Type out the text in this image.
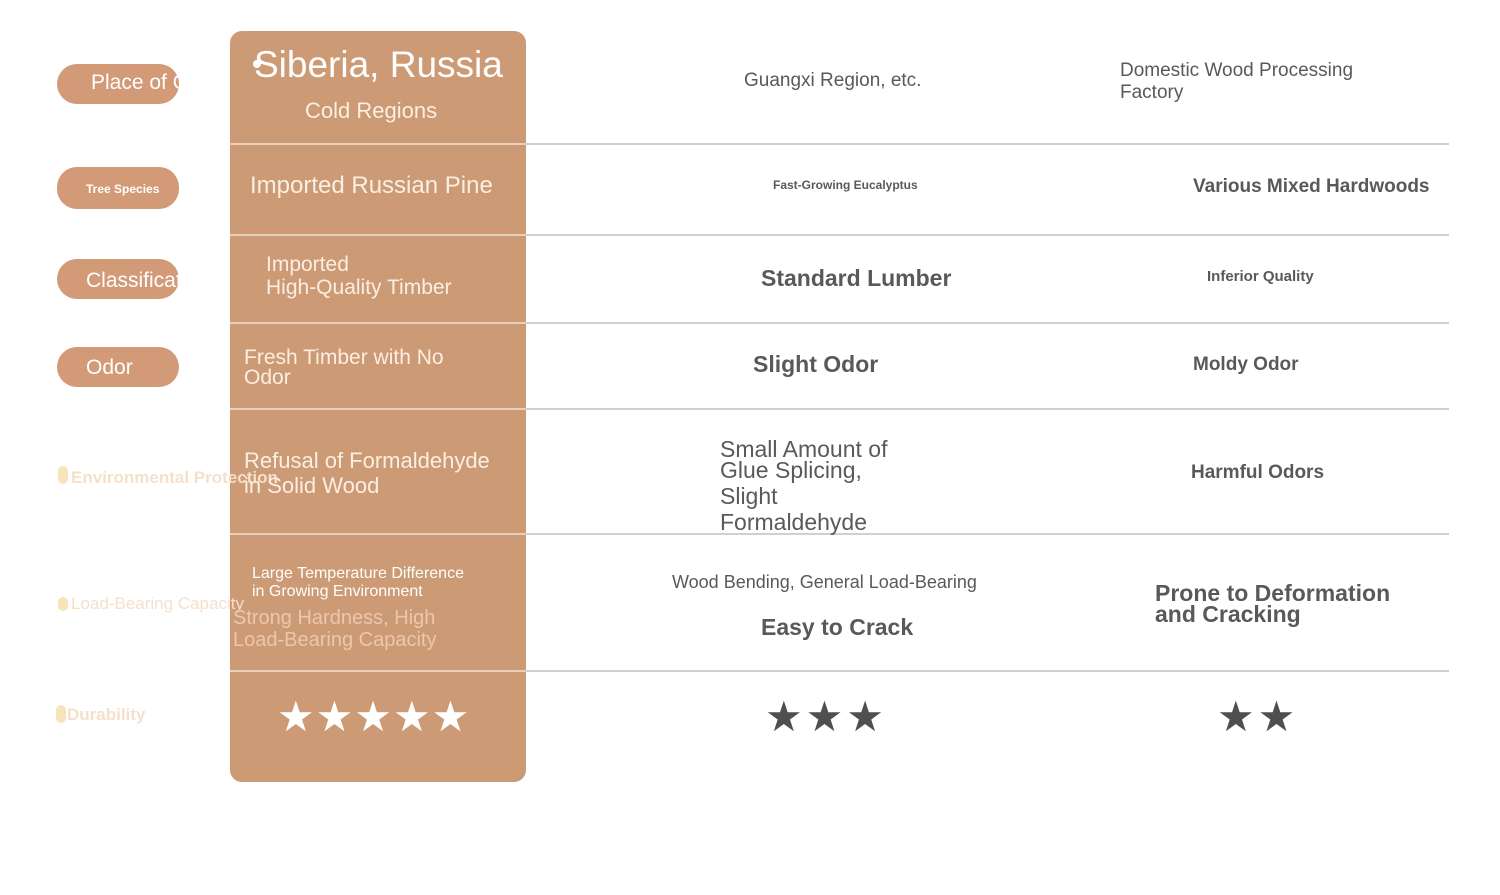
Place of Origin
Tree Species
Classification
Odor
Environmental Protection
Load-Bearing Capacity
Durability
Siberia, Russia
Cold Regions
Imported Russian Pine
Imported
High-Quality Timber
Fresh Timber with No
Odor
Refusal of Formaldehyde
in Solid Wood
Large Temperature Difference
in Growing Environment
Strong Hardness, High
Load-Bearing Capacity
★★★★★
Guangxi Region, etc.
Fast-Growing Eucalyptus
Standard Lumber
Slight Odor
Small Amount of
Glue Splicing,
Slight
Formaldehyde
Wood Bending, General Load-Bearing
Easy to Crack
★★★
Domestic Wood Processing
Factory
Various Mixed Hardwoods
Inferior Quality
Moldy Odor
Harmful Odors
Prone to Deformation
and Cracking
★★
